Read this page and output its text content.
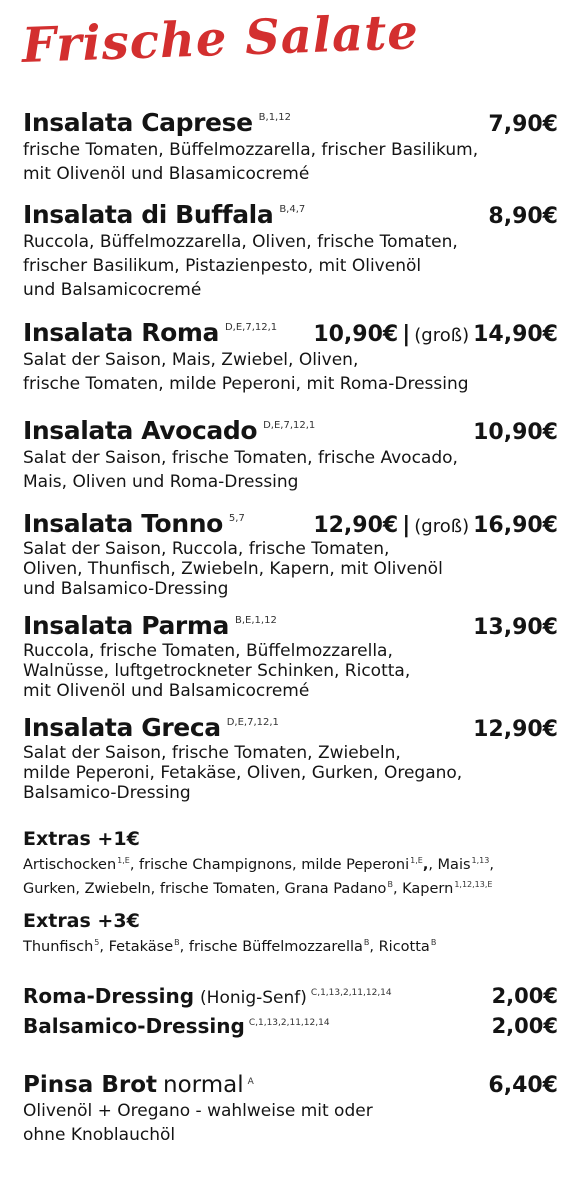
Frische Salate
Insalata Caprese B,1,12	7,90€
frische Tomaten, Büffelmozzarella, frischer Basilikum,
mit Olivenöl und Blasamicocremé
Insalata di Buffala B,4,7	8,90€
Ruccola, Büffelmozzarella, Oliven, frische Tomaten,
frischer Basilikum, Pistazienpesto, mit Olivenöl
und Balsamicocremé
Insalata Roma D,E,7,12,1 10,90€ | (groß) 14,90€
Salat der Saison, Mais, Zwiebel, Oliven,
frische Tomaten, milde Peperoni, mit Roma-Dressing
Insalata Avocado D,E,7,12,1	10,90€
Salat der Saison, frische Tomaten, frische Avocado,
Mais, Oliven und Roma-Dressing
Insalata Tonno 5,7	12,90€ | (groß) 16,90€
Salat der Saison, Ruccola, frische Tomaten,
Oliven, Thunfisch, Zwiebeln, Kapern, mit Olivenöl
und Balsamico-Dressing
Insalata Parma B,E,1,12	13,90€
Ruccola, frische Tomaten, Büffelmozzarella,
Walnüsse, luftgetrockneter Schinken, Ricotta,
mit Olivenöl und Balsamicocremé
Insalata Greca D,E,7,12,1	12,90€
Salat der Saison, frische Tomaten, Zwiebeln,
milde Peperoni, Fetakäse, Oliven, Gurken, Oregano,
Balsamico-Dressing
Extras +1€
Artischocken$^{1,E}$, frische Champignons, milde Peperoni$^{1,E}$,, Mais$^{1,13}$,
Gurken, Zwiebeln, frische Tomaten, Grana Padano$^B$, Kapern$^{1,12,13,E}$
Extras +3€
Thunfisch$^5$, Fetakäse$^B$, frische Büffelmozzarella$^B$, Ricotta$^B$
Roma-Dressing (Honig-Senf) C,1,13,2,11,12,14	2,00€
Balsamico-Dressing C,1,13,2,11,12,14	2,00€
Pinsa Brot normal A	6,40€
Olivenöl + Oregano - wahlweise mit oder
ohne Knoblauchöl
